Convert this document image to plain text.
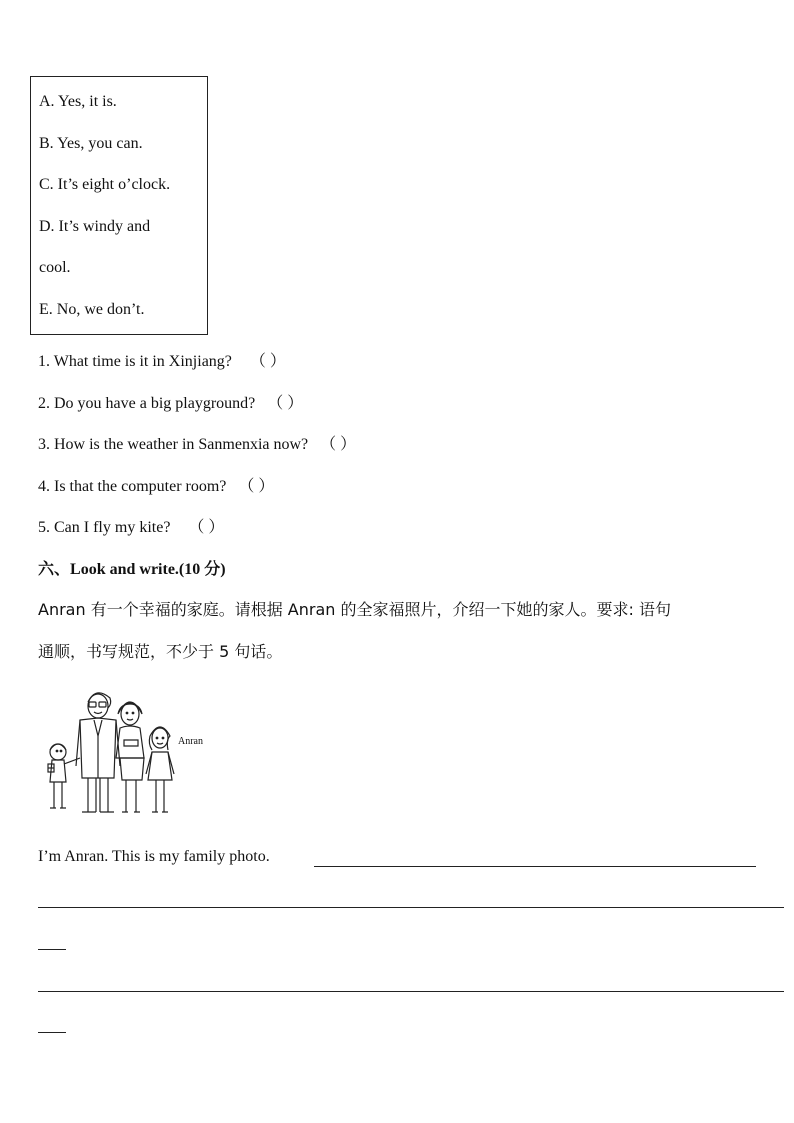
A. Yes, it is.
B. Yes, you can.
C. It’s eight o’clock.
D. It’s windy and
cool.
E. No, we don’t.
1. What time is it in Xinjiang? （ ）
2. Do you have a big playground? （ ）
3. How is the weather in Sanmenxia now? （ ）
4. Is that the computer room? （ ）
5. Can I fly my kite? （ ）
六、Look and write.(10 分)
Anran 有一个幸福的家庭。请根据 Anran 的全家福照片，介绍一下她的家人。要求: 语句
通顺，书写规范，不少于 5 句话。
Anran
I’m Anran. This is my family photo.
